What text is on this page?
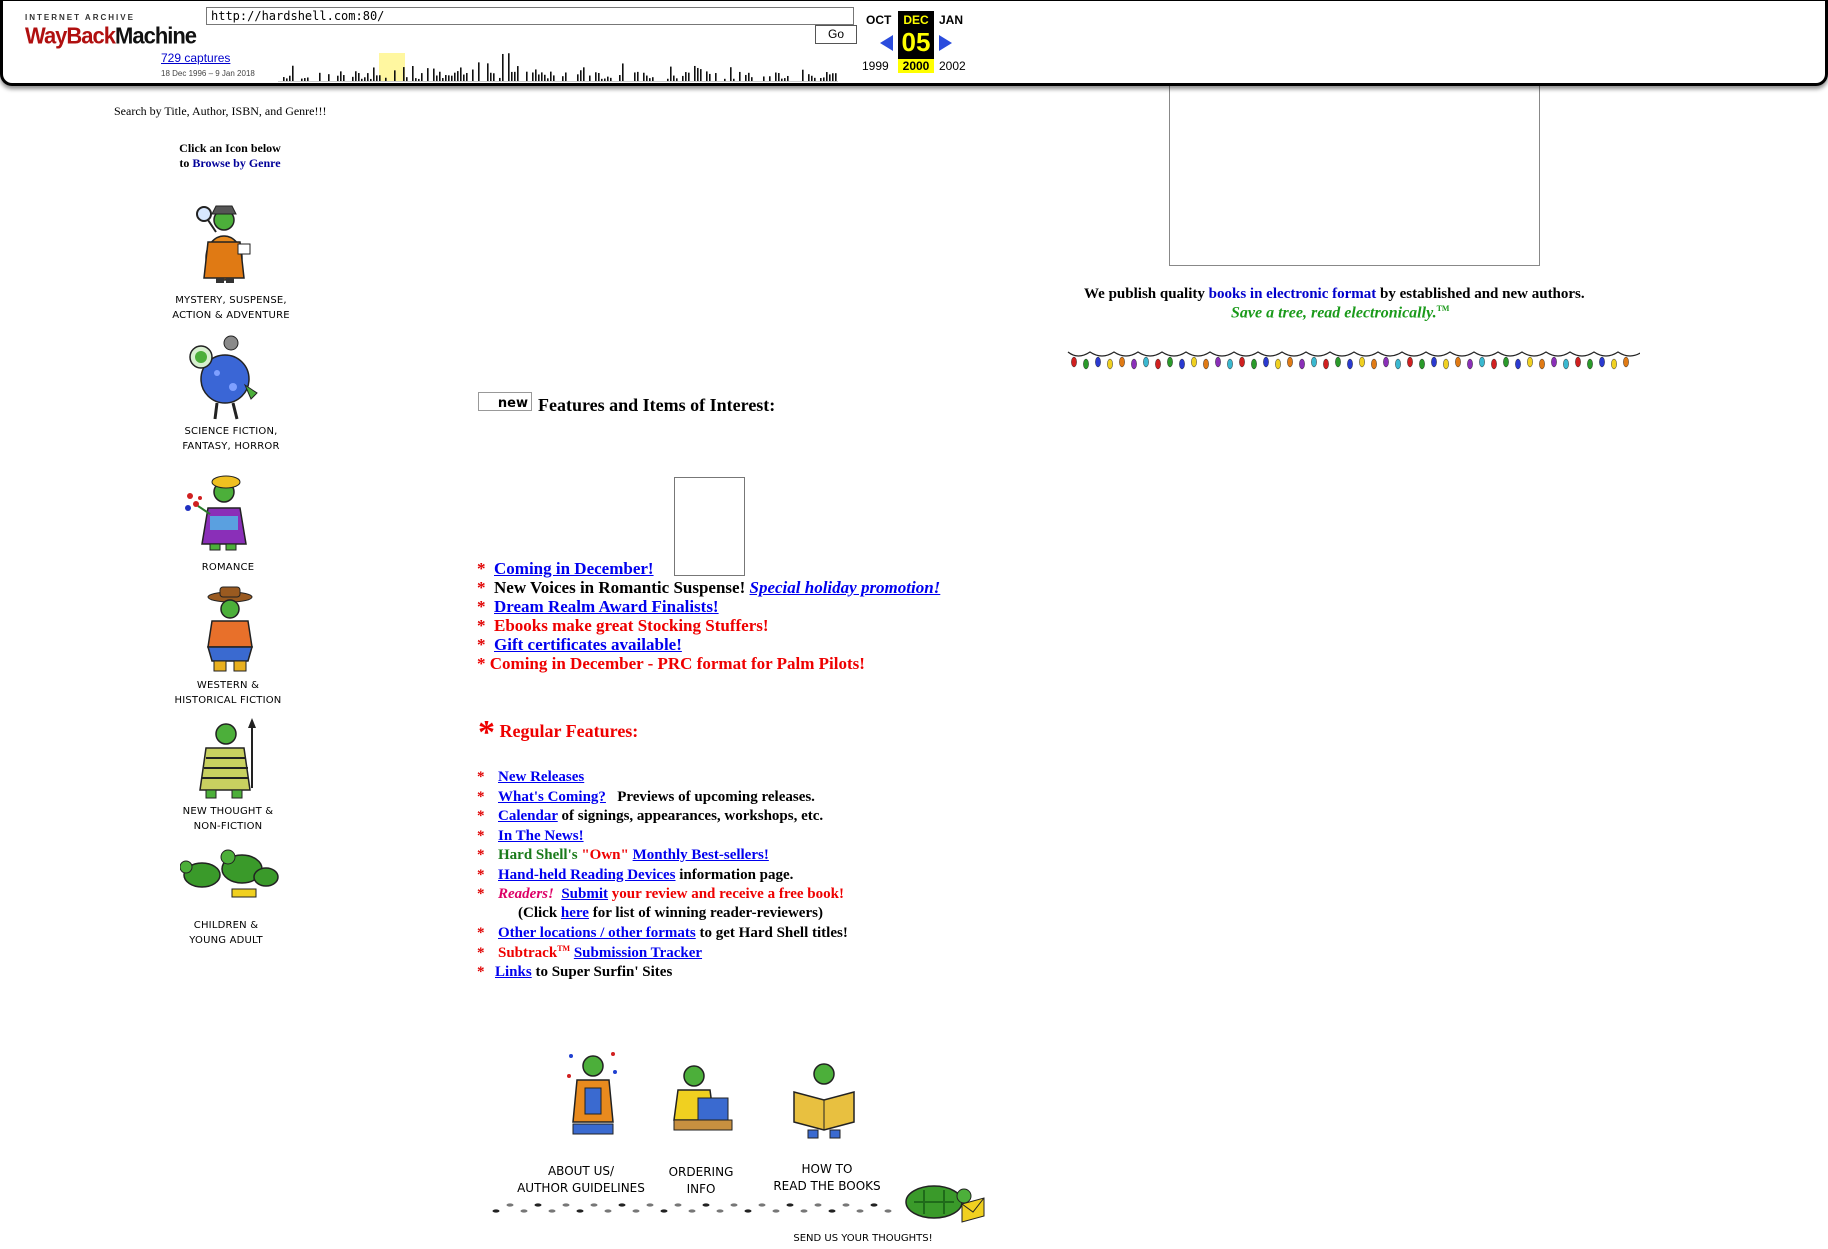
INTERNET ARCHIVE
WayBackMachine
http://hardshell.com:80/
Go
729 captures
18 Dec 1996 – 9 Jan 2018
OCT	JAN
1999	2002
DEC
05
2000
Search by Title, Author, ISBN, and Genre!!!
Click an Icon below
to Browse by Genre
MYSTERY, SUSPENSE,
ACTION & ADVENTURE
SCIENCE FICTION,
FANTASY, HORROR
ROMANCE
WESTERN &
HISTORICAL FICTION
NEW THOUGHT &
NON-FICTION
CHILDREN &
YOUNG ADULT
We publish quality books in electronic format by established and new authors.
Save a tree, read electronically.™
new Features and Items of Interest:
* Coming in December!
* New Voices in Romantic Suspense! Special holiday promotion!
* Dream Realm Award Finalists!
* Ebooks make great Stocking Stuffers!
* Gift certificates available!
* Coming in December - PRC format for Palm Pilots!
* Regular Features:
* New Releases
* What's Coming? Previews of upcoming releases.
* Calendar of signings, appearances, workshops, etc.
* In The News!
* Hard Shell's "Own" Monthly Best-sellers!
* Hand-held Reading Devices information page.
* Readers! Submit your review and receive a free book!
(Click here for list of winning reader-reviewers)
* Other locations / other formats to get Hard Shell titles!
* Subtrack™ Submission Tracker
* Links to Super Surfin' Sites
ABOUT US/
AUTHOR GUIDELINES
ORDERING
INFO
HOW TO
READ THE BOOKS
SEND US YOUR THOUGHTS!
